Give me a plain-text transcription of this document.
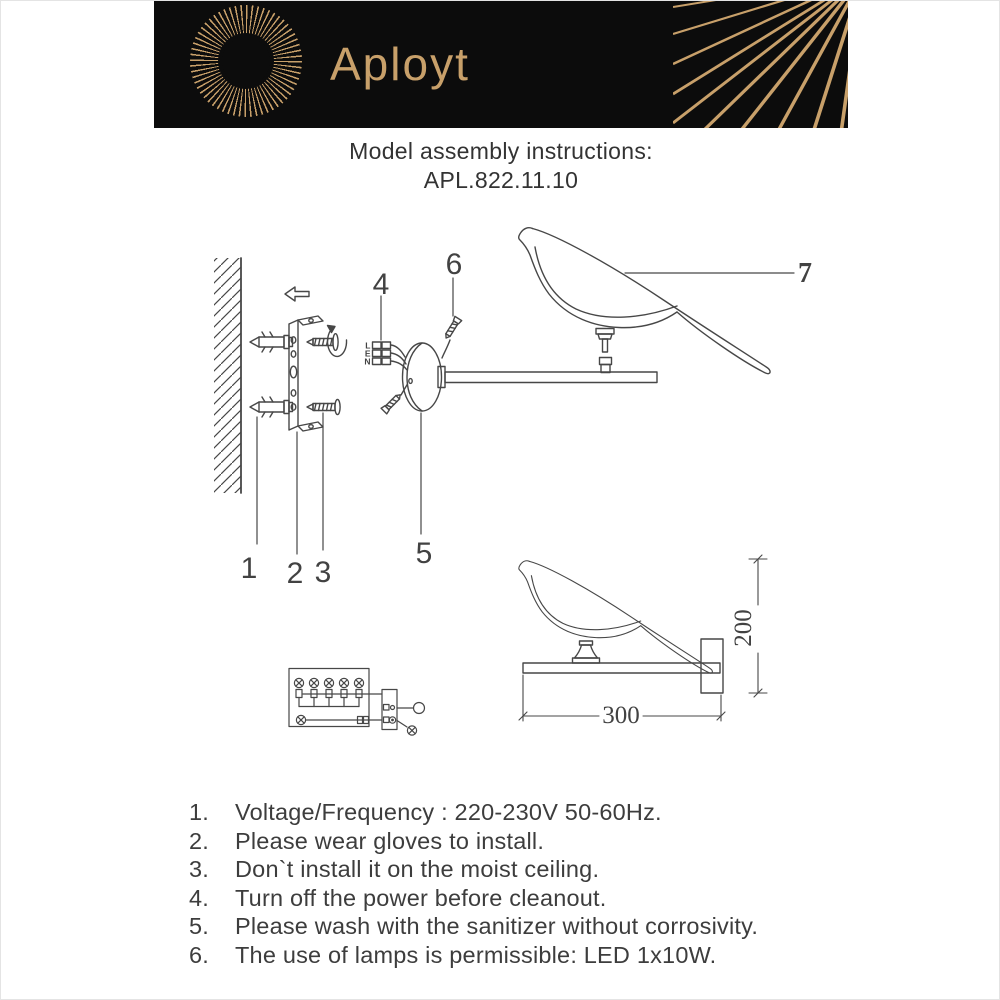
Aployt
Model assembly instructions:
APL.822.11.10
L
E
N
1 2 3
4
5
6	7
300
200
1.	Voltage/Frequency : 220-230V 50-60Hz.
2.	Please wear gloves to install.
3.	Don`t install it on the moist ceiling.
4.	Turn off the power before cleanout.
5.	Please wash with the sanitizer without corrosivity.
6.	The use of lamps is permissible: LED 1x10W.
